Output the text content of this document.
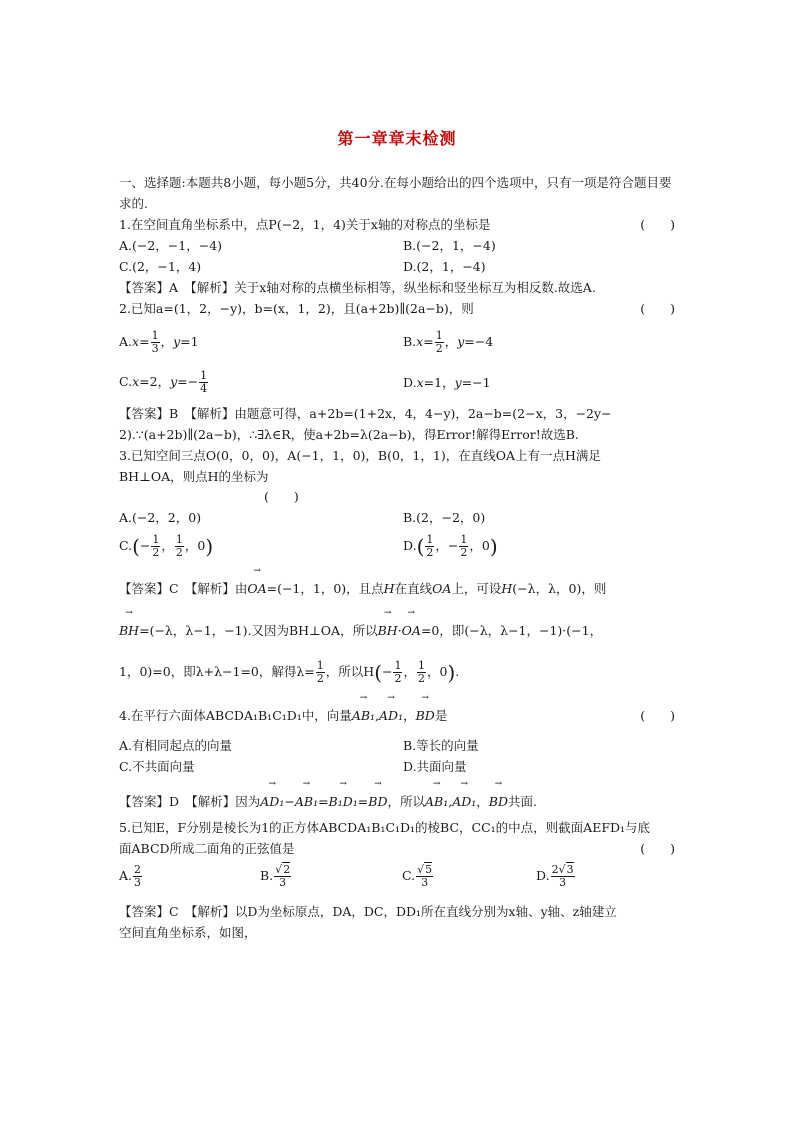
第一章章末检测
一、选择题:本题共8小题，每小题5分，共40分.在每小题给出的四个选项中，只有一项是符合题目要求的.
1.在空间直角坐标系中，点P(−2，1，4)关于x轴的对称点的坐标是	(　　)
A.(−2，−1，−4)	B.(−2，1，−4)
C.(2，−1，4)	D.(2，1，−4)
【答案】A　【解析】关于x轴对称的点横坐标相等，纵坐标和竖坐标互为相反数.故选A.
2.已知a=(1，2，−y)，b=(x，1，2)，且(a+2b)∥(2a−b)，则	(　　)
$A.x= \frac{1}{3}$ ，y=1	$B.x= \frac{1}{2}$ ，y=−4
C.x=2，$y=- \frac{1}{4}$	D.x=1，y=−1
【答案】B　【解析】由题意可得，a+2b=(1+2x，4，4−y)，2a−b=(2−x，3，−2y−
2).∵(a+2b)∥(2a−b)，∴∃λ∈R，使a+2b=λ(2a−b)，得Error!解得Error!故选B.
3.已知空间三点O(0，0，0)，A(−1，1，0)，B(0，1，1)，在直线OA上有一点H满足
BH⊥OA，则点H的坐标为
(　　)
A.(−2，2，0)	B.(2，−2，0)
$C.(- \frac{1}{2}$ ， $\frac{1}{2}$ ，0)	$D.( \frac{1}{2}$ ，− $\frac{1}{2}$ ，0)
【答案】C　【解析】由→ OA=(−1，1，0)，且点H在直线OA上，可设H(−λ，λ，0)，则
→ BH=(−λ，λ−1，−1).又因为BH⊥OA，所以→ BH·→ OA=0，即(−λ，λ−1，−1)·(−1，
1，0)=0，即λ+λ−1=0，解得$\lambda= \frac{1}{2}$ ，所以$H(- \frac{1}{2}$ ， $\frac{1}{2}$ ，0).
4.在平行六面体ABCDA₁B₁C₁D₁中，向量→ AB₁,→ AD₁，→ BD是	(　　)
A.有相同起点的向量	B.等长的向量
C.不共面向量	D.共面向量
【答案】D　【解析】因为→ AD₁−→ AB₁=→ B₁D₁=→ BD，所以→ AB₁,→ AD₁，→ BD共面.
5.已知E，F分别是棱长为1的正方体ABCDA₁B₁C₁D₁的棱BC，CC₁的中点，则截面AEFD₁与底
面ABCD所成二面角的正弦值是	(　　)
A. $\frac{2}{3}$	B. $\frac{√2}{3}$	C. $\frac{√5}{3}$	D. $\frac{2√3}{3}$
【答案】C　【解析】以D为坐标原点，DA，DC，DD₁所在直线分别为x轴、y轴、z轴建立
空间直角坐标系，如图，
